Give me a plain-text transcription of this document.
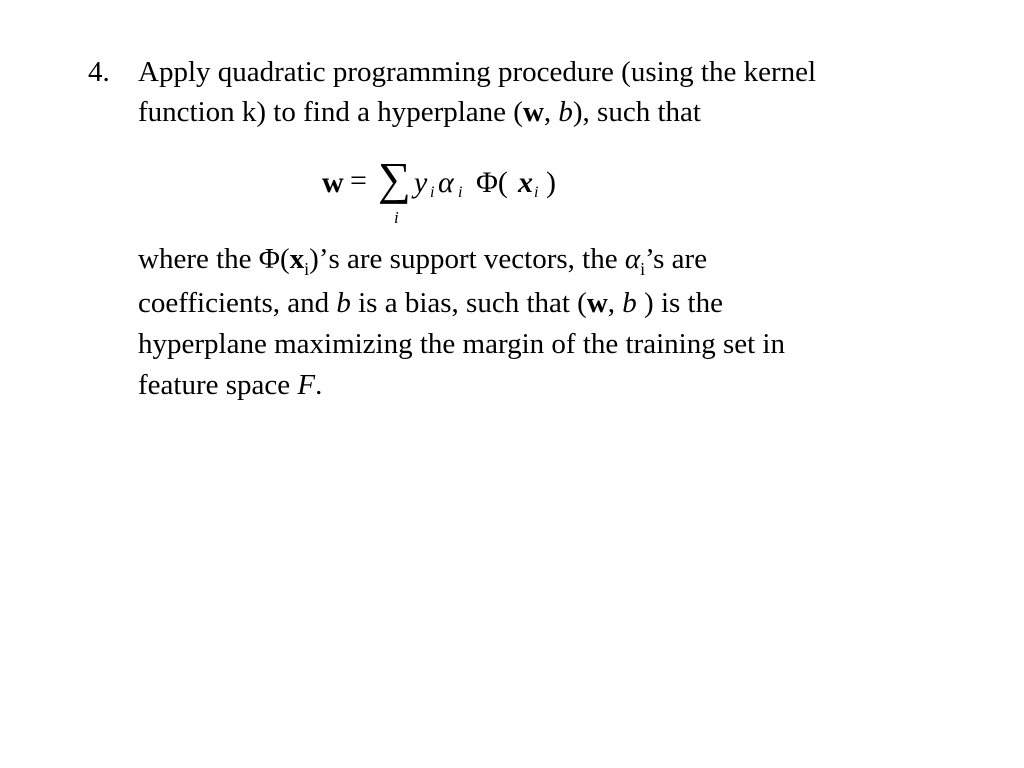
4. Apply quadratic programming procedure (using the kernel
function k) to find a hyperplane (w, b), such that
w = ∑
i
y i α i Φ( x i )
where the $\Phi(x_i)’s$ are support vectors, the $\alpha_i’s$ are
coefficients, and b is a bias, such that (w, b ) is the
hyperplane maximizing the margin of the training set in
feature space F.
